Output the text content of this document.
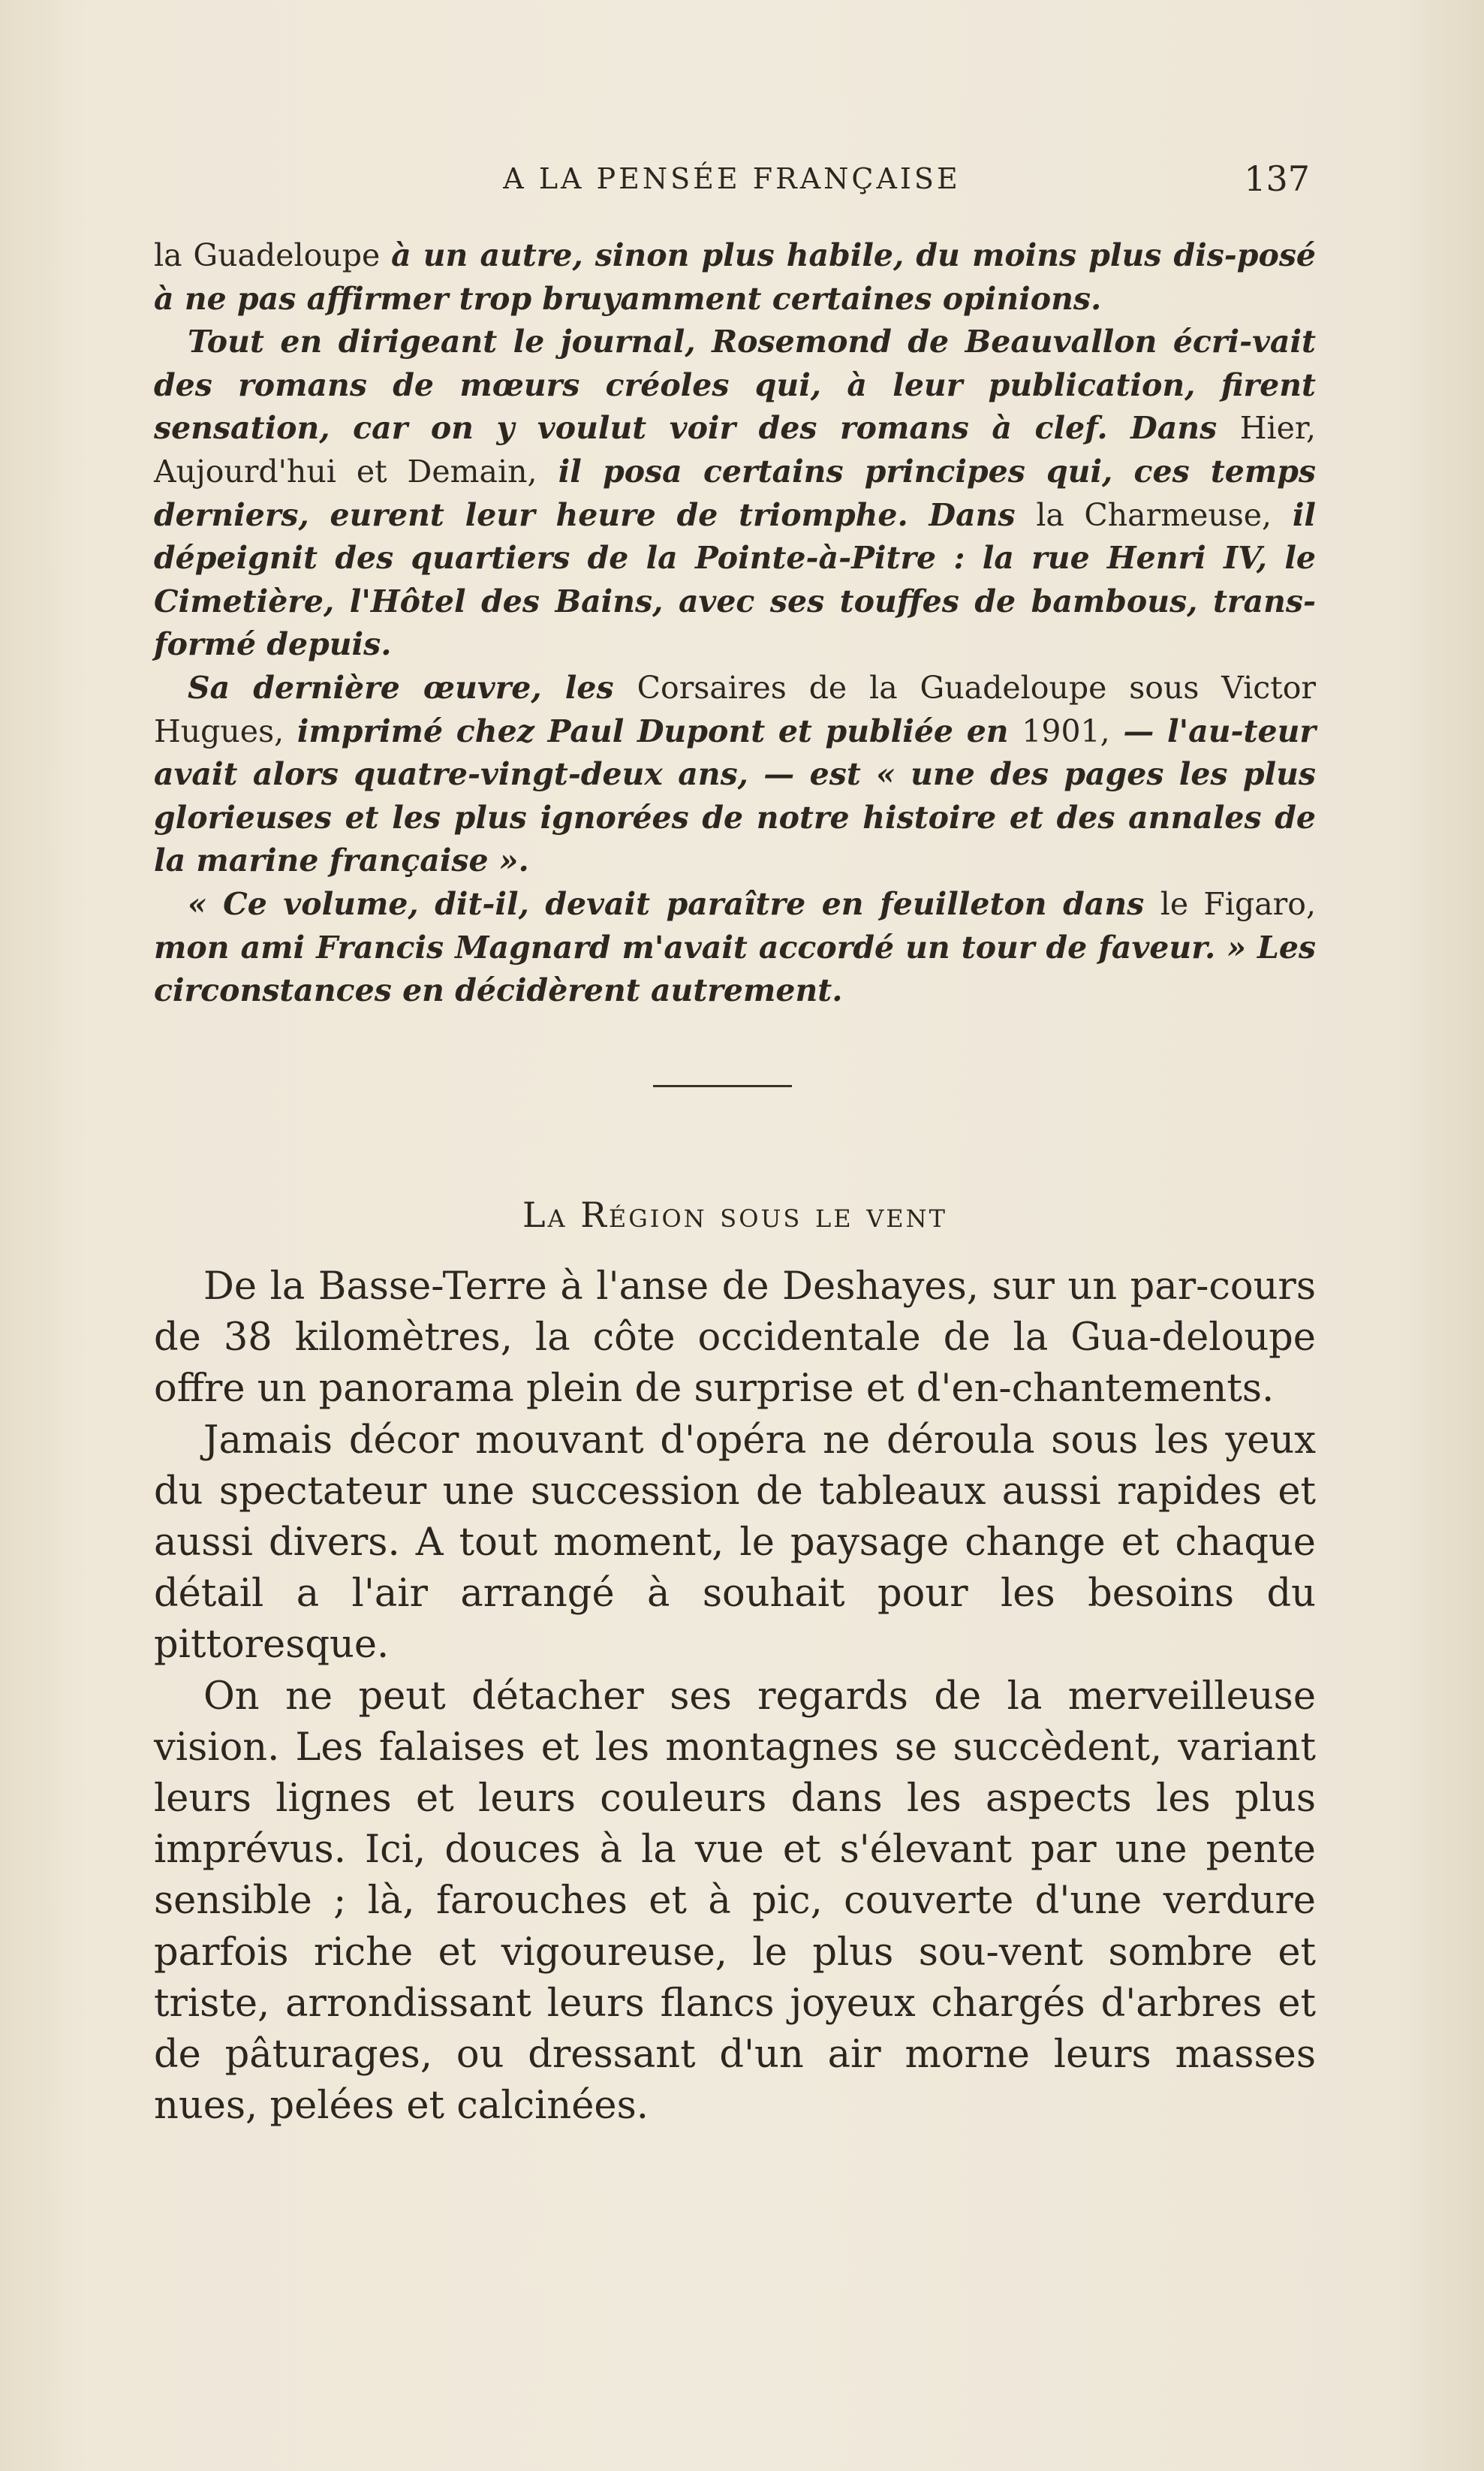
A LA PENSÉE FRANÇAISE	137

la Guadeloupe à un autre, sinon plus habile, du moins plus dis-posé à ne pas affirmer trop bruyamment certaines opinions.

Tout en dirigeant le journal, Rosemond de Beauvallon écri-vait des romans de mœurs créoles qui, à leur publication, firent sensation, car on y voulut voir des romans à clef. Dans Hier, Aujourd'hui et Demain, il posa certains principes qui, ces temps derniers, eurent leur heure de triomphe. Dans la Charmeuse, il dépeignit des quartiers de la Pointe-à-Pitre : la rue Henri IV, le Cimetière, l'Hôtel des Bains, avec ses touffes de bambous, trans-formé depuis.

Sa dernière œuvre, les Corsaires de la Guadeloupe sous Victor Hugues, imprimé chez Paul Dupont et publiée en 1901, — l'au-teur avait alors quatre-vingt-deux ans, — est « une des pages les plus glorieuses et les plus ignorées de notre histoire et des annales de la marine française ».

« Ce volume, dit-il, devait paraître en feuilleton dans le Figaro, mon ami Francis Magnard m'avait accordé un tour de faveur. » Les circonstances en décidèrent autrement.

La Région sous le vent

De la Basse-Terre à l'anse de Deshayes, sur un par-cours de 38 kilomètres, la côte occidentale de la Gua-deloupe offre un panorama plein de surprise et d'en-chantements.

Jamais décor mouvant d'opéra ne déroula sous les yeux du spectateur une succession de tableaux aussi rapides et aussi divers. A tout moment, le paysage change et chaque détail a l'air arrangé à souhait pour les besoins du pittoresque.

On ne peut détacher ses regards de la merveilleuse vision. Les falaises et les montagnes se succèdent, variant leurs lignes et leurs couleurs dans les aspects les plus imprévus. Ici, douces à la vue et s'élevant par une pente sensible ; là, farouches et à pic, couverte d'une verdure parfois riche et vigoureuse, le plus sou-vent sombre et triste, arrondissant leurs flancs joyeux chargés d'arbres et de pâturages, ou dressant d'un air morne leurs masses nues, pelées et calcinées.
